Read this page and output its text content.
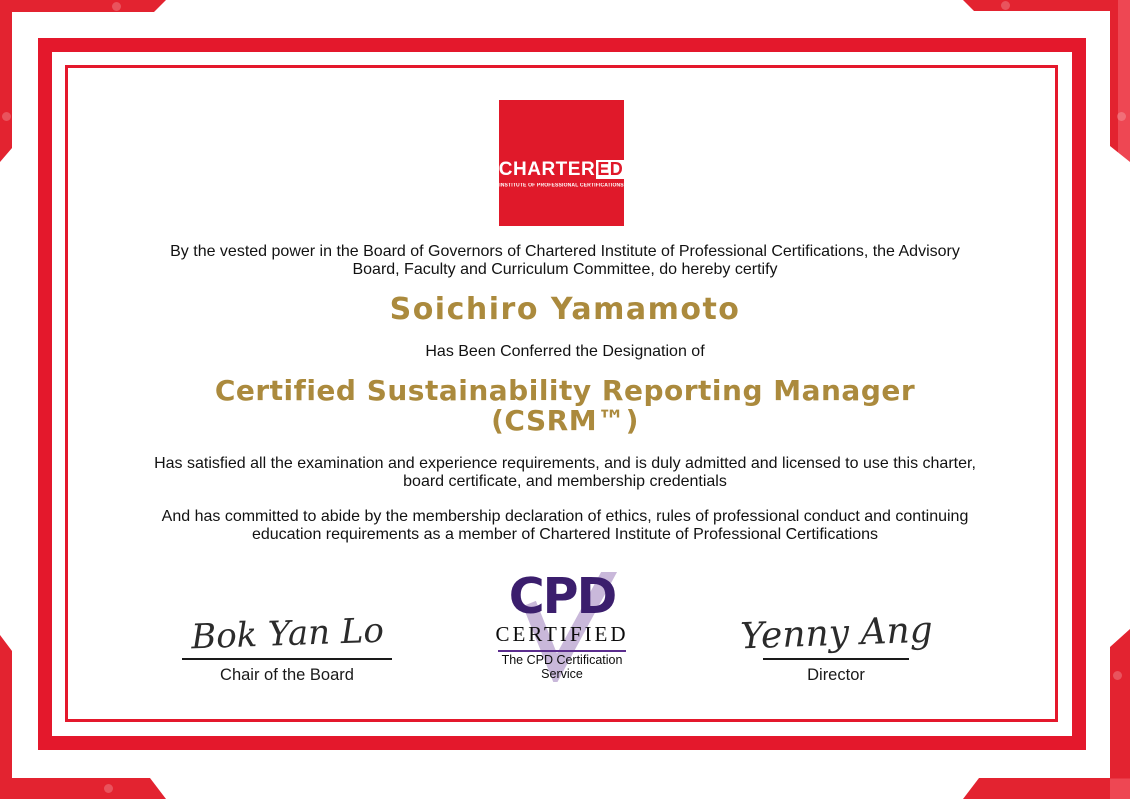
CHARTER ED
INSTITUTE OF PROFESSIONAL CERTIFICATIONS
By the vested power in the Board of Governors of Chartered Institute of Professional Certifications, the Advisory Board, Faculty and Curriculum Committee, do hereby certify
Soichiro Yamamoto
Has Been Conferred the Designation of
Certified Sustainability Reporting Manager (CSRM™)
Has satisfied all the examination and experience requirements, and is duly admitted and licensed to use this charter, board certificate, and membership credentials
And has committed to abide by the membership declaration of ethics, rules of professional conduct and continuing education requirements as a member of Chartered Institute of Professional Certifications
Bok Yan Lo
Chair of the Board
CPD
CERTIFIED
The CPD Certification
Service
Yenny Ang
Director
